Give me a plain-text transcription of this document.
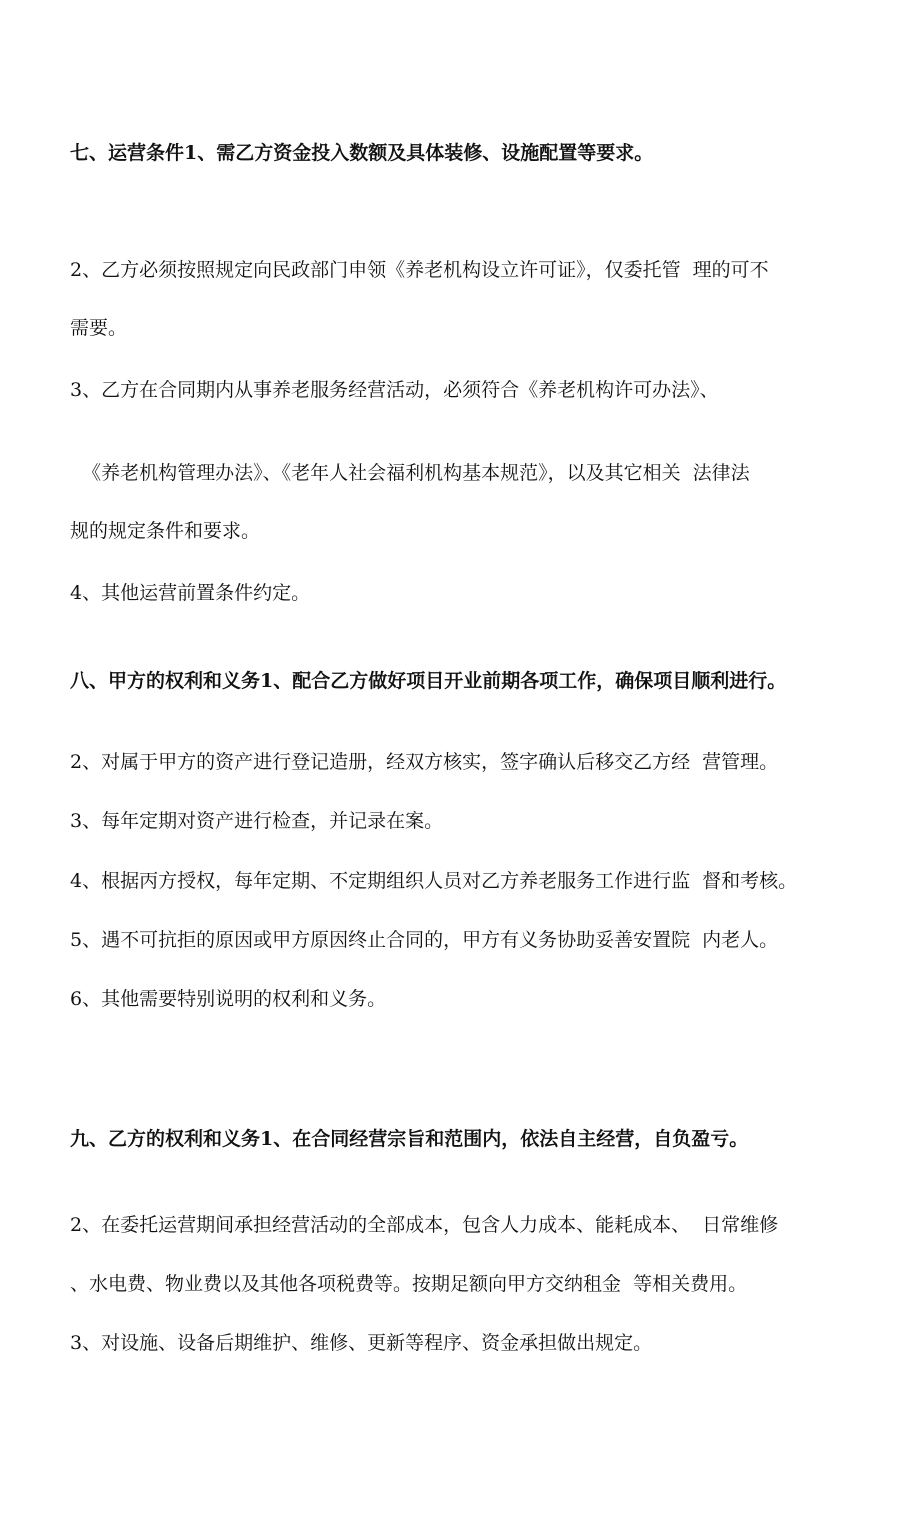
七、运营条件1、需乙方资金投入数额及具体装修、设施配置等要求。

2、乙方必须按照规定向民政部门申领《养老机构设立许可证》，仅委托管  理的可不

需要。

3、乙方在合同期内从事养老服务经营活动，必须符合《养老机构许可办法》、

《养老机构管理办法》、《老年人社会福利机构基本规范》，以及其它相关  法律法

规的规定条件和要求。

4、其他运营前置条件约定。

八、甲方的权利和义务1、配合乙方做好项目开业前期各项工作，确保项目顺利进行。

2、对属于甲方的资产进行登记造册，经双方核实，签字确认后移交乙方经  营管理。

3、每年定期对资产进行检查，并记录在案。

4、根据丙方授权，每年定期、不定期组织人员对乙方养老服务工作进行监  督和考核。

5、遇不可抗拒的原因或甲方原因终止合同的，甲方有义务协助妥善安置院  内老人。

6、其他需要特别说明的权利和义务。

九、乙方的权利和义务1、在合同经营宗旨和范围内，依法自主经营，自负盈亏。

2、在委托运营期间承担经营活动的全部成本，包含人力成本、能耗成本、  日常维修

、水电费、物业费以及其他各项税费等。按期足额向甲方交纳租金  等相关费用。

3、对设施、设备后期维护、维修、更新等程序、资金承担做出规定。
